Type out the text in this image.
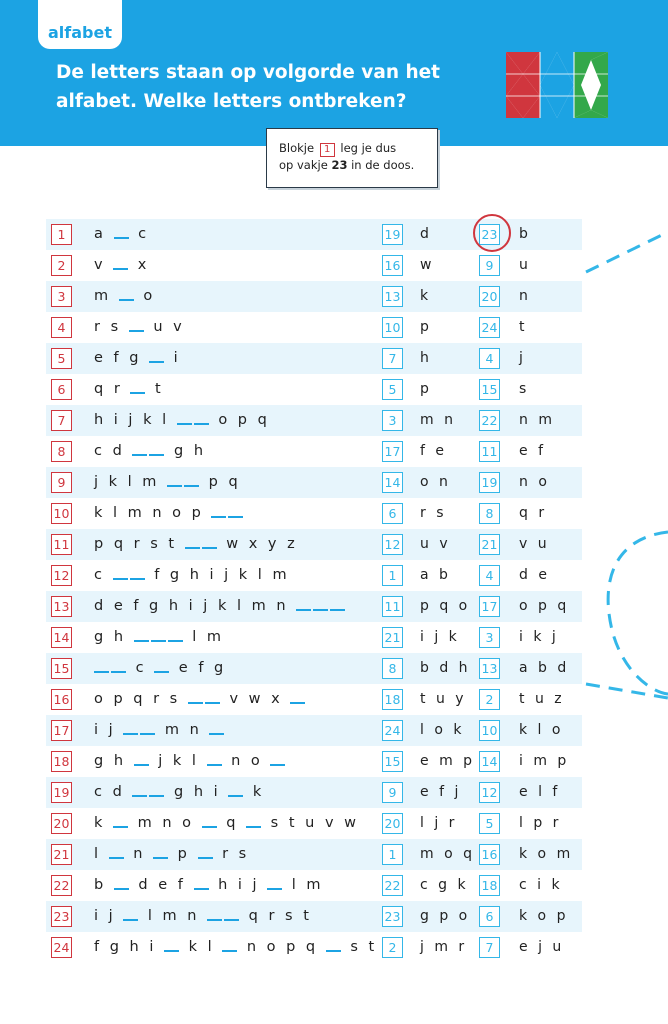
alfabet
De letters staan op volgorde van het
alfabet. Welke letters ontbreken?
Blokje 1 leg je dus
op vakje 23 in de doos.
1	a  c	19 d	23 b
2	v  x	16 w	9	u
3	m  o	13 k	20 n
4	r s  u v	10 p	24 t
5	e f g  i	7	h	4	j
6	q r  t	5	p	15 s
7	h i j k l  o p q	3	m n 22 n m
8	c d  g h	17 f e	11 e f
9	j k l m  p q	14 o n 19 n o
10 k l m n o p	6	r s	8	q r
11 p q r s t  w x y z	12 u v 21 v u
12 c  f g h i j k l m	1	a b	4	d e
13 d e f g h i j k l m n	11 p q o 17 o p q
14 g h	l m	21 i j k	3	i k j
15	c  e f g	8	b d h 13 a b d
16 o p q r s  v w x	18 t u y	2	t u z
17 i j  m n	24 l o k 10 k l o
18 g h  j k l  n o	15 e m p 14 i m p
19 c d  g h i  k	9	e f j 12 e l f
20 k  m n o  q  s t u v w 20 l j r	5	l p r
21 l  n  p  r s	1	m o q 16 k o m
22 b  d e f  h i j  l m	22 c g k 18 c i k
23 i j  l m n  q r s t	23 g p o	6	k o p
24 f g h i  k l  n o p q  s t 2	j m r	7	e j u
